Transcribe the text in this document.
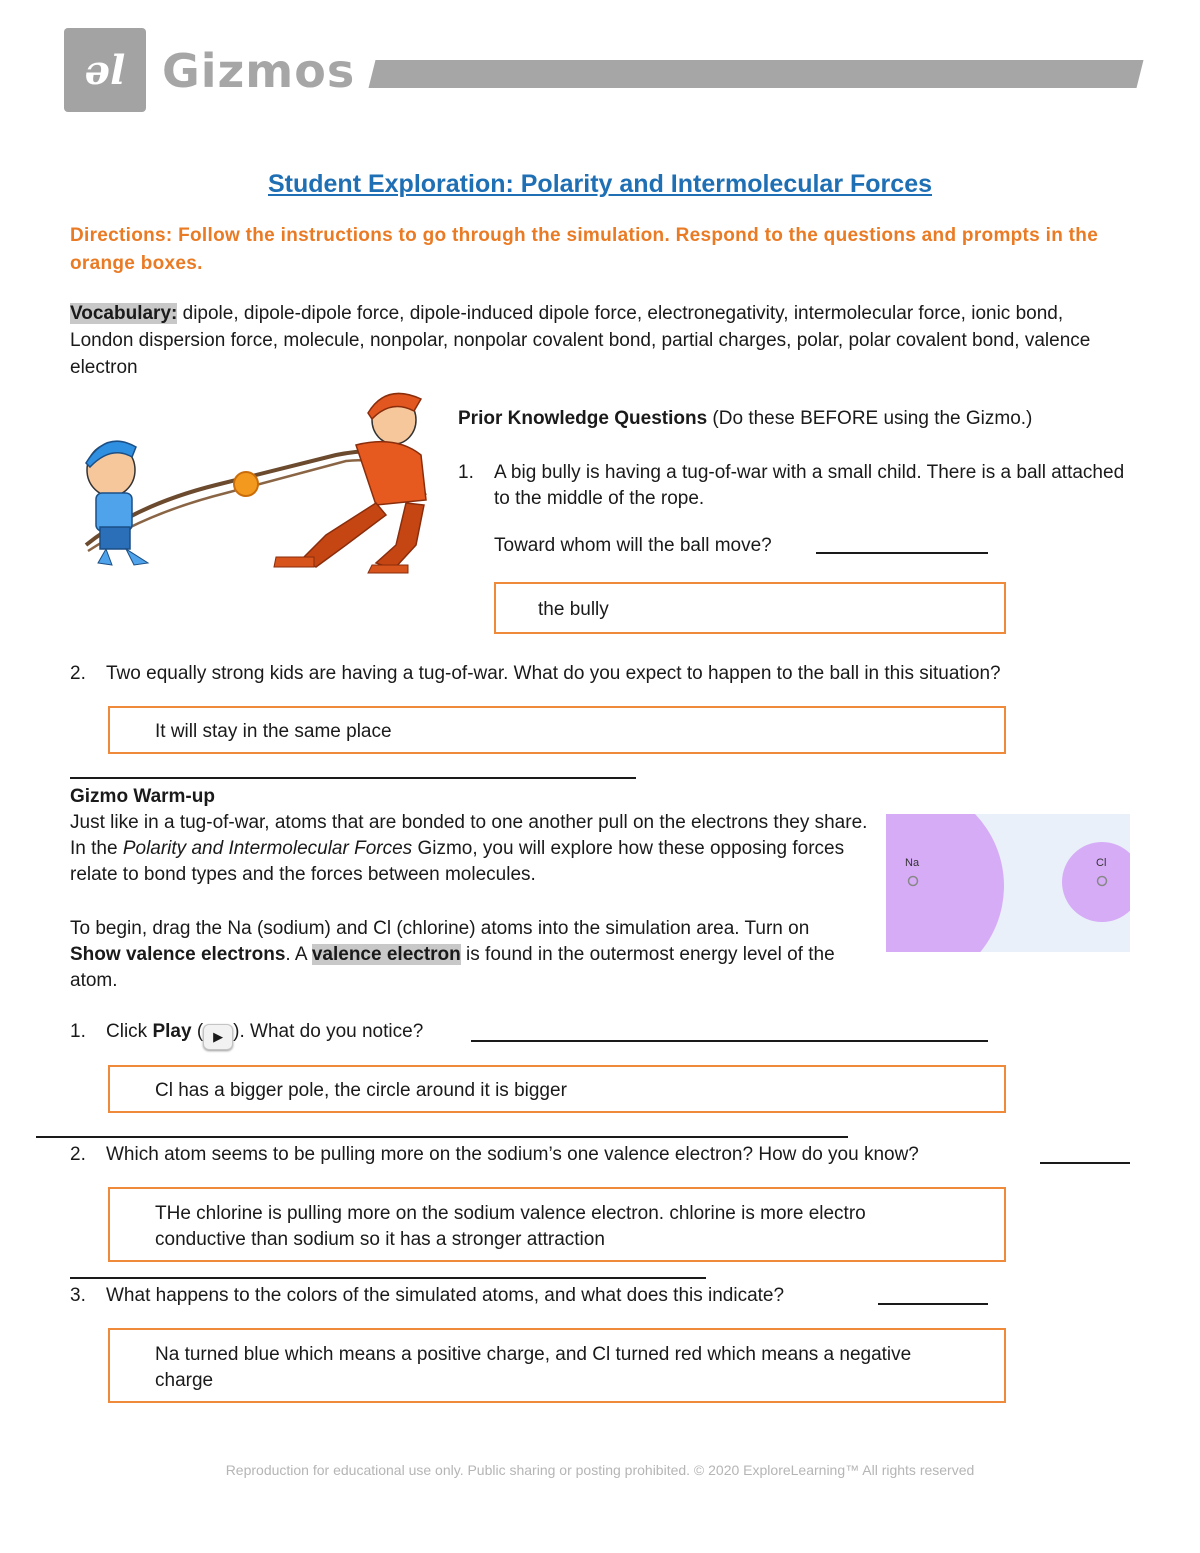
əl Gizmos
Student Exploration: Polarity and Intermolecular Forces
Directions: Follow the instructions to go through the simulation. Respond to the questions and prompts in the orange boxes.
Vocabulary: dipole, dipole-dipole force, dipole-induced dipole force, electronegativity, intermolecular force, ionic bond, London dispersion force, molecule, nonpolar, nonpolar covalent bond, partial charges, polar, polar covalent bond, valence electron
Prior Knowledge Questions (Do these BEFORE using the Gizmo.)
1.	A big bully is having a tug-of-war with a small child. There is a ball attached to the middle of the rope.
Toward whom will the ball move?
the bully
2.	Two equally strong kids are having a tug-of-war. What do you expect to happen to the ball in this situation?
It will stay in the same place
Gizmo Warm-up
Just like in a tug-of-war, atoms that are bonded to one another pull on the electrons they share. In the Polarity and Intermolecular Forces Gizmo, you will explore how these opposing forces relate to bond types and the forces between molecules.
To begin, drag the Na (sodium) and Cl (chlorine) atoms into the simulation area. Turn on Show valence electrons. A valence electron is found in the outermost energy level of the atom.
Na	Cl
1.	Click Play ( ▶ ). What do you notice?
Cl has a bigger pole, the circle around it is bigger
2.	Which atom seems to be pulling more on the sodium’s one valence electron? How do you know?
THe chlorine is pulling more on the sodium valence electron. chlorine is more electro conductive than sodium so it has a stronger attraction
3.	What happens to the colors of the simulated atoms, and what does this indicate?
Na turned blue which means a positive charge, and Cl turned red which means a negative charge
Reproduction for educational use only. Public sharing or posting prohibited. © 2020 ExploreLearning™ All rights reserved
